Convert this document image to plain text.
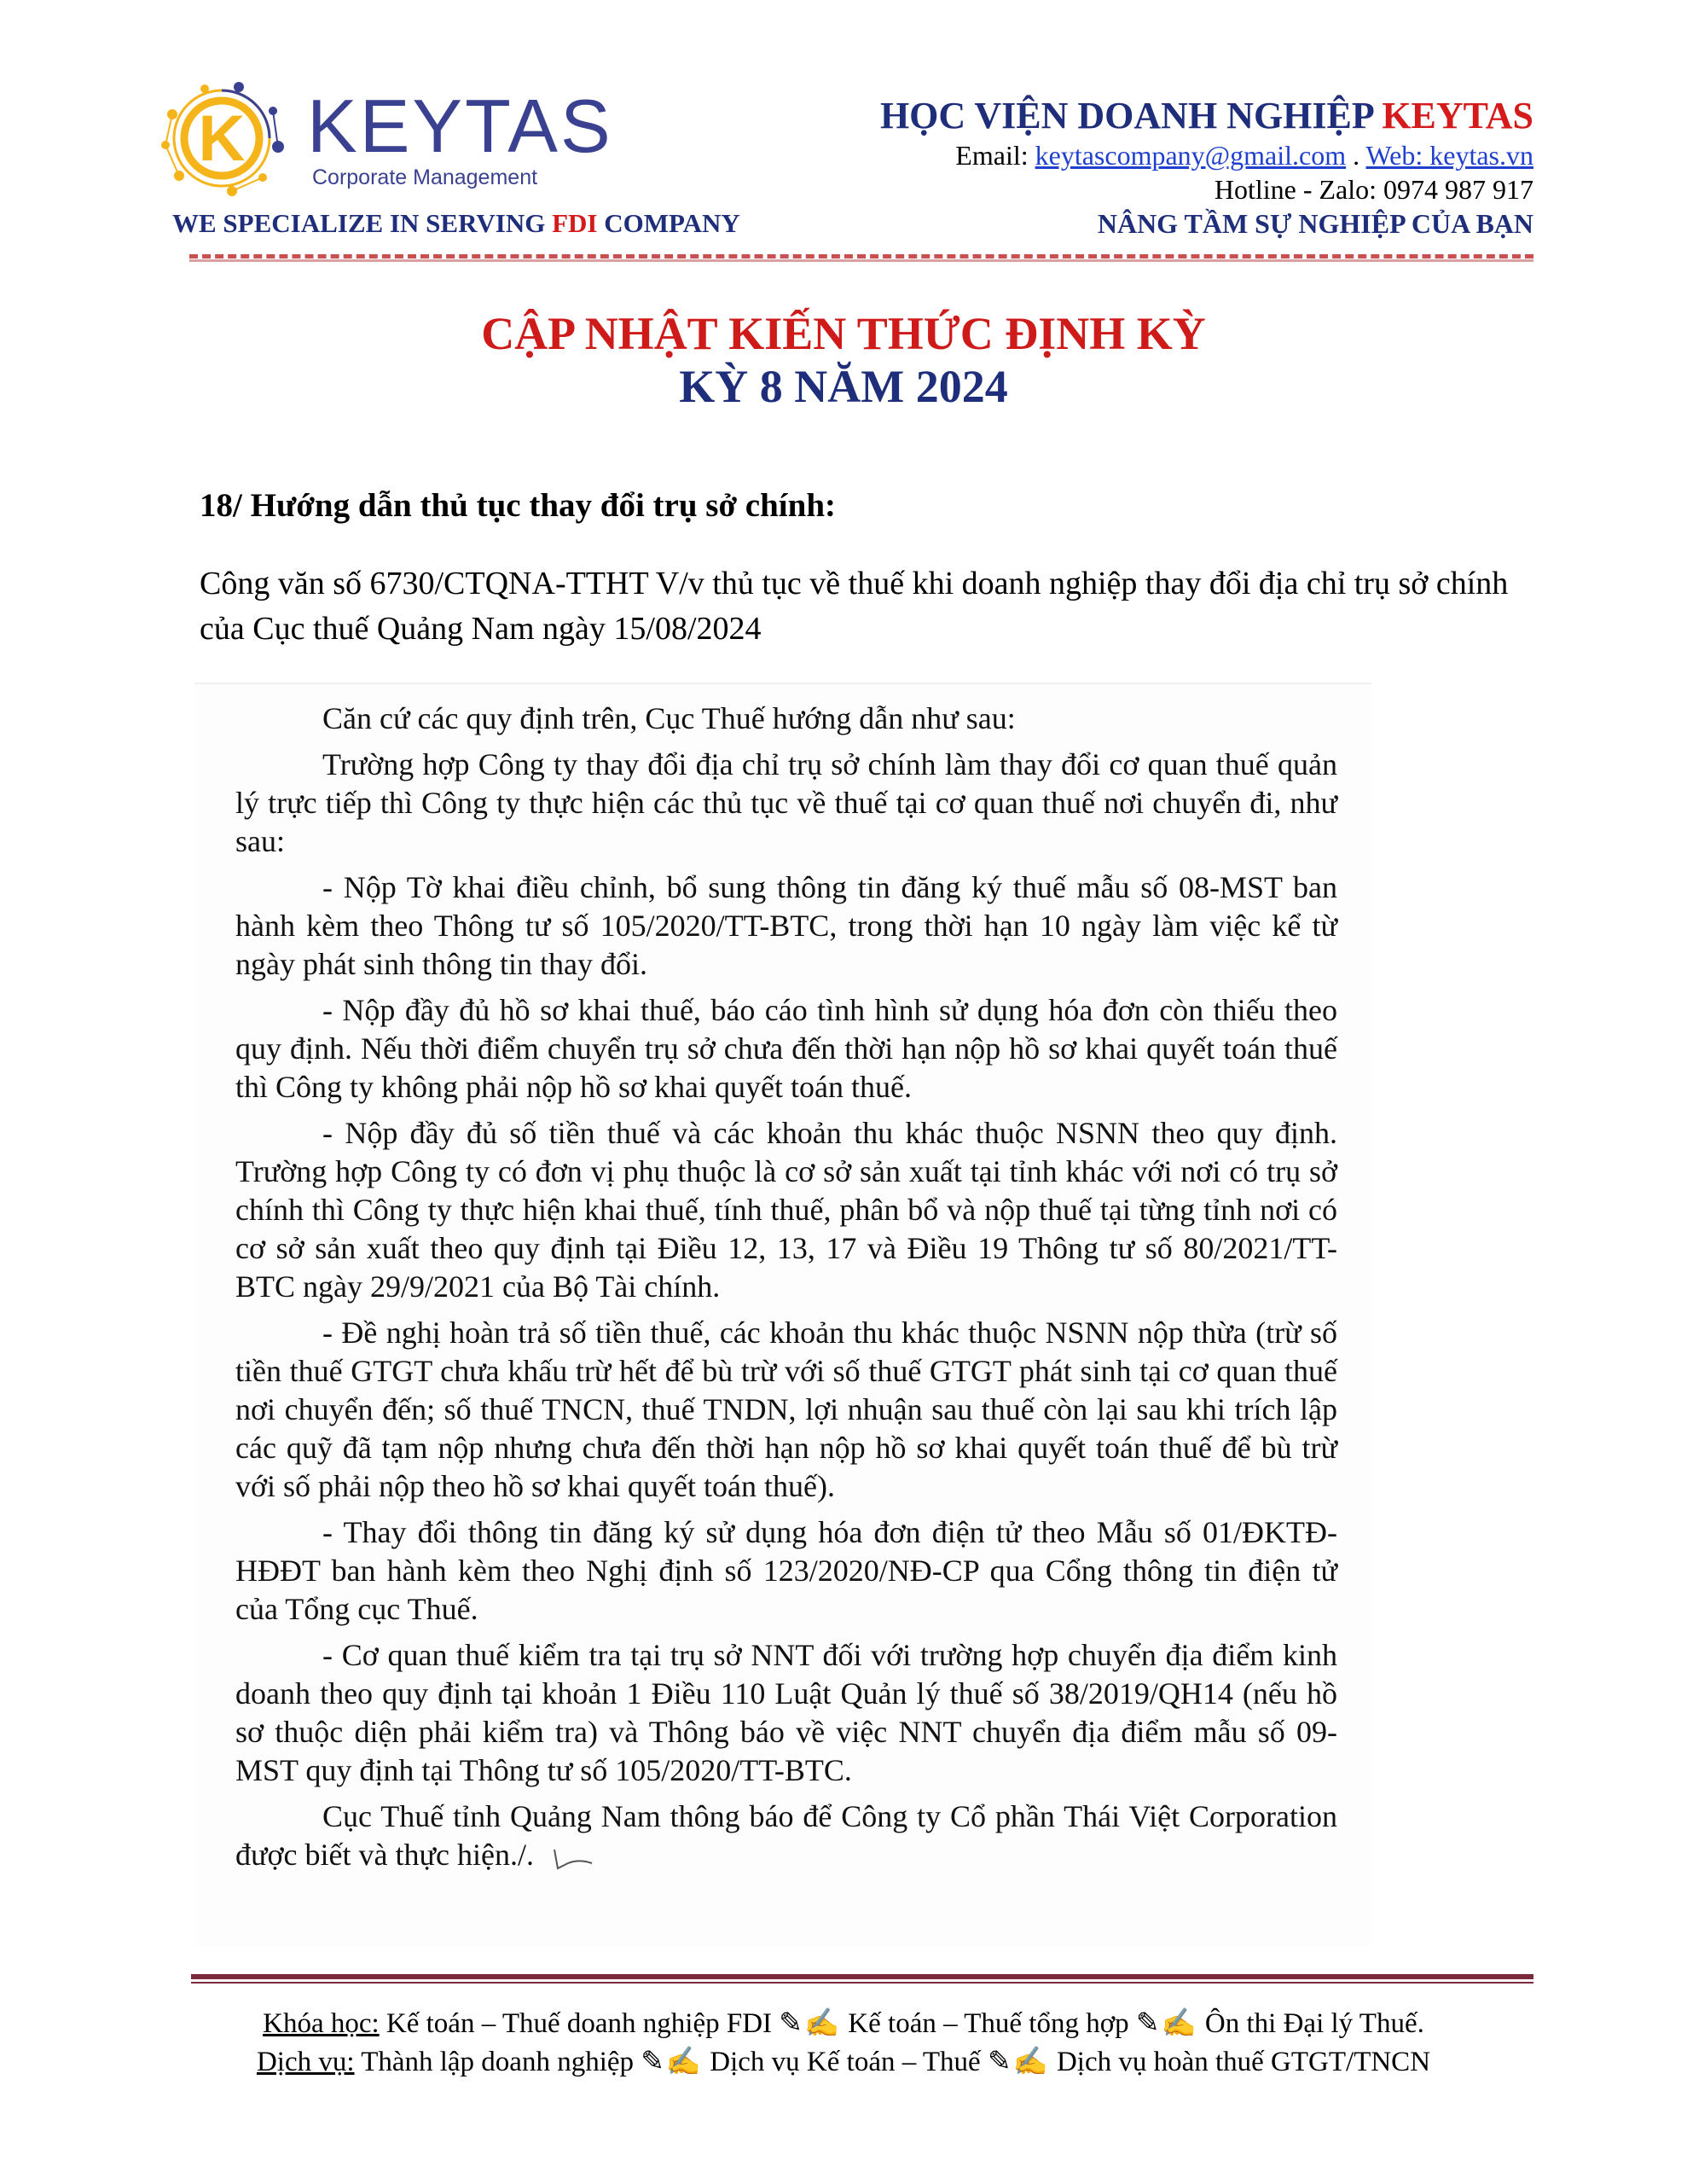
K KEYTAS
Corporate Management
WE SPECIALIZE IN SERVING FDI COMPANY
HỌC VIỆN DOANH NGHIỆP KEYTAS
Email: keytascompany@gmail.com . Web: keytas.vn
Hotline - Zalo: 0974 987 917
NÂNG TẦM SỰ NGHIỆP CỦA BẠN
CẬP NHẬT KIẾN THỨC ĐỊNH KỲ
KỲ 8 NĂM 2024
18/ Hướng dẫn thủ tục thay đổi trụ sở chính:
Công văn số 6730/CTQNA-TTHT V/v thủ tục về thuế khi doanh nghiệp thay đổi địa chỉ trụ sở chính của Cục thuế Quảng Nam ngày 15/08/2024

Căn cứ các quy định trên, Cục Thuế hướng dẫn như sau:

Trường hợp Công ty thay đổi địa chỉ trụ sở chính làm thay đổi cơ quan thuế quản lý trực tiếp thì Công ty thực hiện các thủ tục về thuế tại cơ quan thuế nơi chuyển đi, như sau:

- Nộp Tờ khai điều chỉnh, bổ sung thông tin đăng ký thuế mẫu số 08-MST ban hành kèm theo Thông tư số 105/2020/TT-BTC, trong thời hạn 10 ngày làm việc kể từ ngày phát sinh thông tin thay đổi.

- Nộp đầy đủ hồ sơ khai thuế, báo cáo tình hình sử dụng hóa đơn còn thiếu theo quy định. Nếu thời điểm chuyển trụ sở chưa đến thời hạn nộp hồ sơ khai quyết toán thuế thì Công ty không phải nộp hồ sơ khai quyết toán thuế.

- Nộp đầy đủ số tiền thuế và các khoản thu khác thuộc NSNN theo quy định. Trường hợp Công ty có đơn vị phụ thuộc là cơ sở sản xuất tại tỉnh khác với nơi có trụ sở chính thì Công ty thực hiện khai thuế, tính thuế, phân bổ và nộp thuế tại từng tỉnh nơi có cơ sở sản xuất theo quy định tại Điều 12, 13, 17 và Điều 19 Thông tư số 80/2021/TT-BTC ngày 29/9/2021 của Bộ Tài chính.

- Đề nghị hoàn trả số tiền thuế, các khoản thu khác thuộc NSNN nộp thừa (trừ số tiền thuế GTGT chưa khấu trừ hết để bù trừ với số thuế GTGT phát sinh tại cơ quan thuế nơi chuyển đến; số thuế TNCN, thuế TNDN, lợi nhuận sau thuế còn lại sau khi trích lập các quỹ đã tạm nộp nhưng chưa đến thời hạn nộp hồ sơ khai quyết toán thuế để bù trừ với số phải nộp theo hồ sơ khai quyết toán thuế).

- Thay đổi thông tin đăng ký sử dụng hóa đơn điện tử theo Mẫu số 01/ĐKTĐ- HĐĐT ban hành kèm theo Nghị định số 123/2020/NĐ-CP qua Cổng thông tin điện tử của Tổng cục Thuế.

- Cơ quan thuế kiểm tra tại trụ sở NNT đối với trường hợp chuyển địa điểm kinh doanh theo quy định tại khoản 1 Điều 110 Luật Quản lý thuế số 38/2019/QH14 (nếu hồ sơ thuộc diện phải kiểm tra) và Thông báo về việc NNT chuyển địa điểm mẫu số 09-MST quy định tại Thông tư số 105/2020/TT-BTC.

Cục Thuế tỉnh Quảng Nam thông báo để Công ty Cổ phần Thái Việt Corporation được biết và thực hiện./.

Khóa học: Kế toán – Thuế doanh nghiệp FDI ✎✍ Kế toán – Thuế tổng hợp ✎✍ Ôn thi Đại lý Thuế.
Dịch vụ: Thành lập doanh nghiệp ✎✍ Dịch vụ Kế toán – Thuế ✎✍ Dịch vụ hoàn thuế GTGT/TNCN
